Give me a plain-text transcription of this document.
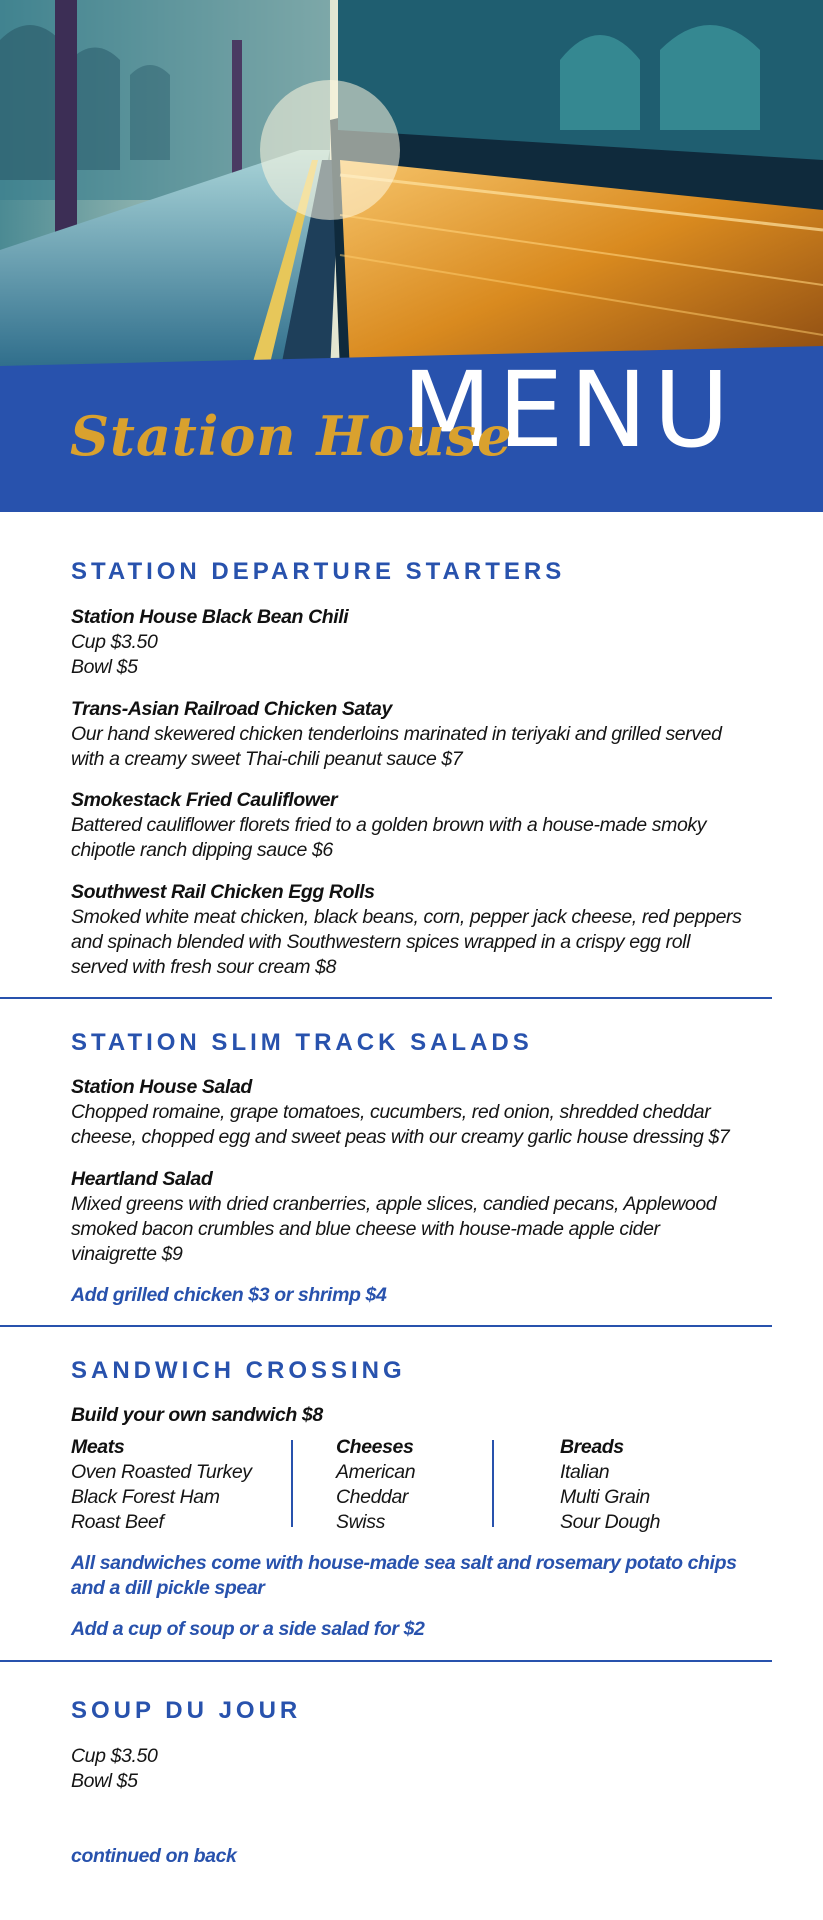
MENU
Station House
STATION DEPARTURE STARTERS
Station House Black Bean Chili
Cup $3.50
Bowl $5
Trans-Asian Railroad Chicken Satay
Our hand skewered chicken tenderloins marinated in teriyaki and grilled served
with a creamy sweet Thai-chili peanut sauce $7
Smokestack Fried Cauliflower
Battered cauliflower florets fried to a golden brown with a house-made smoky
chipotle ranch dipping sauce $6
Southwest Rail Chicken Egg Rolls
Smoked white meat chicken, black beans, corn, pepper jack cheese, red peppers
and spinach blended with Southwestern spices wrapped in a crispy egg roll
served with fresh sour cream $8
STATION SLIM TRACK SALADS
Station House Salad
Chopped romaine, grape tomatoes, cucumbers, red onion, shredded cheddar
cheese, chopped egg and sweet peas with our creamy garlic house dressing $7
Heartland Salad
Mixed greens with dried cranberries, apple slices, candied pecans, Applewood
smoked bacon crumbles and blue cheese with house-made apple cider
vinaigrette $9
Add grilled chicken $3 or shrimp $4
SANDWICH CROSSING
Build your own sandwich $8
Meats
Oven Roasted Turkey
Black Forest Ham
Roast Beef
Cheeses
American
Cheddar
Swiss
Breads
Italian
Multi Grain
Sour Dough
All sandwiches come with house-made sea salt and rosemary potato chips
and a dill pickle spear
Add a cup of soup or a side salad for $2
SOUP DU JOUR
Cup $3.50
Bowl $5
continued on back
